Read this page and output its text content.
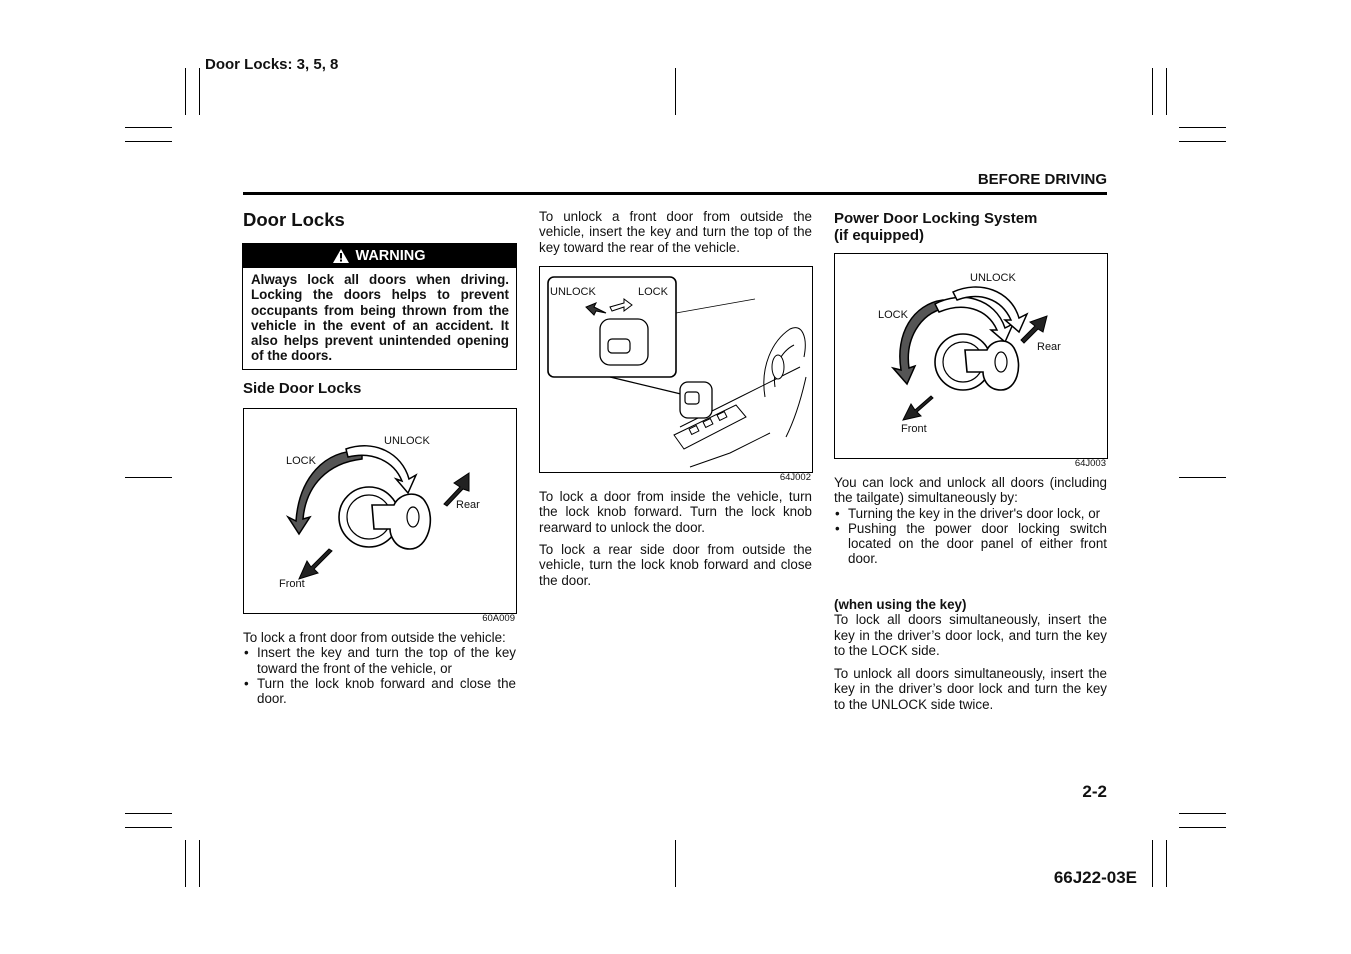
Door Locks: 3, 5, 8
BEFORE DRIVING
Door Locks
WARNING
Always lock all doors when driving. Locking the doors helps to prevent occupants from being thrown from the vehicle in the event of an accident. It also helps prevent unintended opening of the doors.
Side Door Locks
LOCK
UNLOCK
Rear
Front
60A009
To lock a front door from outside the vehicle:
• Insert the key and turn the top of the key toward the front of the vehicle, or
• Turn the lock knob forward and close the door.
To unlock a front door from outside the vehicle, insert the key and turn the top of the key toward the rear of the vehicle.
UNLOCK	LOCK
64J002
To lock a door from inside the vehicle, turn the lock knob forward. Turn the lock knob rearward to unlock the door.
To lock a rear side door from outside the vehicle, turn the lock knob forward and close the door.
Power Door Locking System
(if equipped)
UNLOCK
LOCK
Rear
Front
64J003
You can lock and unlock all doors (including the tailgate) simultaneously by:
• Turning the key in the driver's door lock, or
• Pushing the power door locking switch located on the door panel of either front door.
(when using the key)
To lock all doors simultaneously, insert the key in the driver’s door lock, and turn the key to the LOCK side.
To unlock all doors simultaneously, insert the key in the driver’s door lock and turn the key to the UNLOCK side twice.
2-2
66J22-03E
